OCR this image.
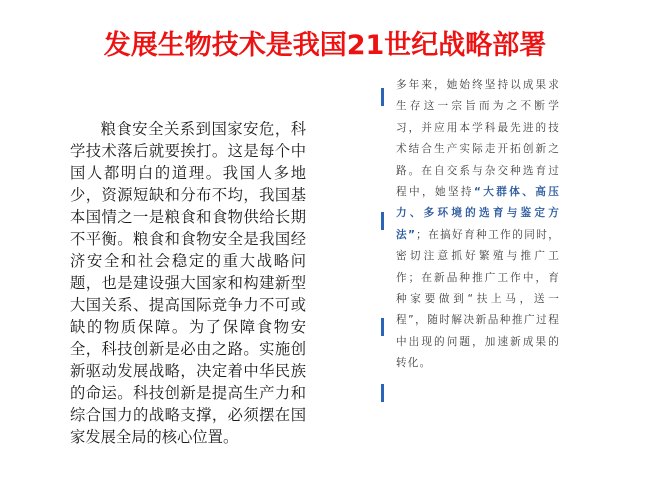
发展生物技术是我国21世纪战略部署
粮食安全关系到国家安危，科学技术落后就要挨打。这是每个中国人都明白的道理。我国人多地少，资源短缺和分布不均，我国基本国情之一是粮食和食物供给长期不平衡。粮食和食物安全是我国经济安全和社会稳定的重大战略问题，也是建设强大国家和构建新型大国关系、提高国际竞争力不可或缺的物质保障。为了保障食物安全，科技创新是必由之路。实施创新驱动发展战略，决定着中华民族的命运。科技创新是提高生产力和综合国力的战略支撑，必须摆在国家发展全局的核心位置。
多年来，她始终坚持以成果求生存这一宗旨而为之不断学习，并应用本学科最先进的技术结合生产实际走开拓创新之路。在自交系与杂交种选育过程中，她坚持“大群体、高压力、多环境的选育与鉴定方法”；在搞好育种工作的同时，密切注意抓好繁殖与推广工作；在新品种推广工作中，育种家要做到“扶上马，送一程”，随时解决新品种推广过程中出现的问题，加速新成果的转化。
